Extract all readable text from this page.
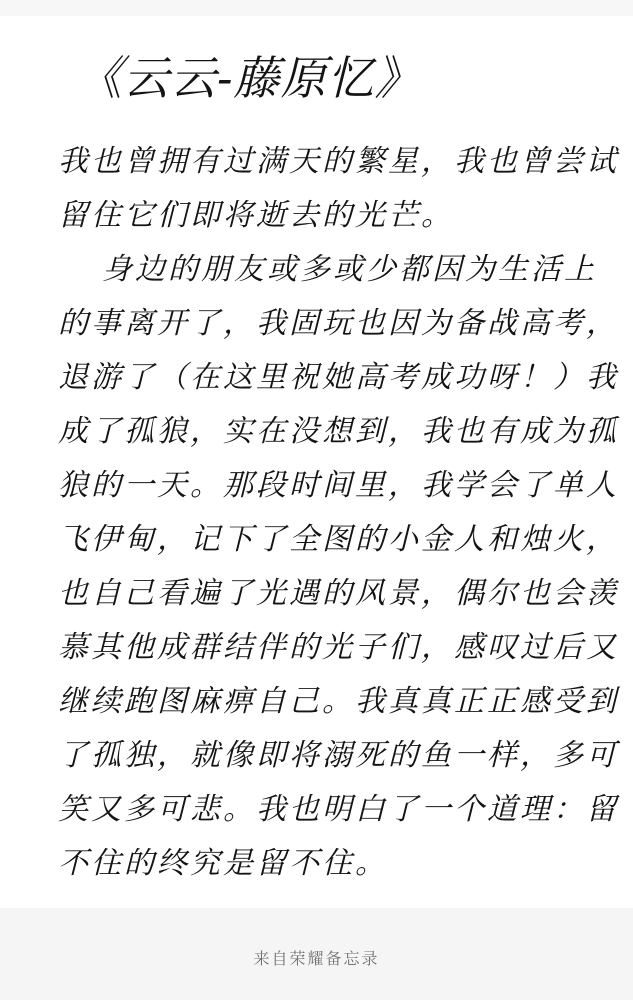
《云云-藤原忆》
我也曾拥有过满天的繁星，我也曾尝试
留住它们即将逝去的光芒。
身边的朋友或多或少都因为生活上
的事离开了，我固玩也因为备战高考，
退游了（在这里祝她高考成功呀！）我
成了孤狼，实在没想到，我也有成为孤
狼的一天。那段时间里，我学会了单人
飞伊甸，记下了全图的小金人和烛火，
也自己看遍了光遇的风景，偶尔也会羡
慕其他成群结伴的光子们，感叹过后又
继续跑图麻痹自己。我真真正正感受到
了孤独，就像即将溺死的鱼一样，多可
笑又多可悲。我也明白了一个道理：留
不住的终究是留不住。
来自荣耀备忘录
